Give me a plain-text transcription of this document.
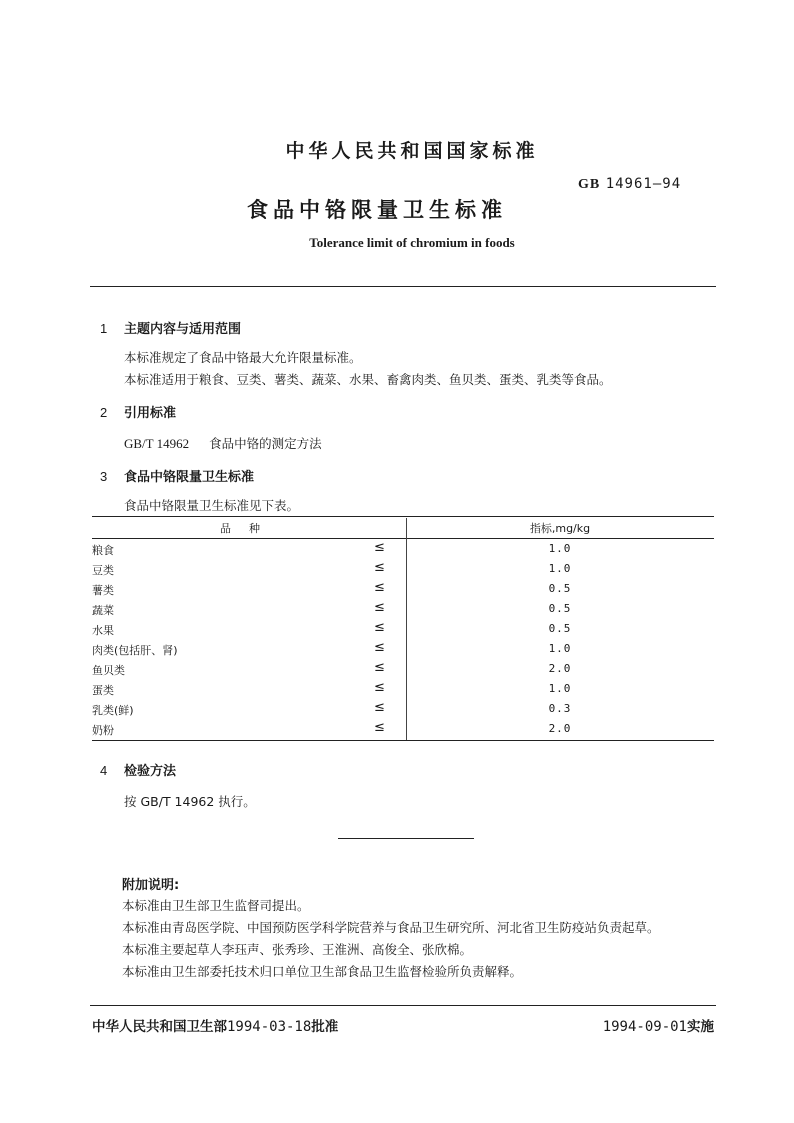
中华人民共和国国家标准
GB 14961—94
食品中铬限量卫生标准
Tolerance limit of chromium in foods
1 主题内容与适用范围
本标准规定了食品中铬最大允许限量标准。
本标准适用于粮食、豆类、薯类、蔬菜、水果、畜禽肉类、鱼贝类、蛋类、乳类等食品。
2 引用标准
GB/T 14962 食品中铬的测定方法
3 食品中铬限量卫生标准
食品中铬限量卫生标准见下表。
品种	指标,mg/kg
粮食	≤	1.0
豆类	≤	1.0
薯类	≤	0.5
蔬菜	≤	0.5
水果	≤	0.5
肉类(包括肝、肾)	≤	1.0
鱼贝类	≤	2.0
蛋类	≤	1.0
乳类(鲜)	≤	0.3
奶粉	≤	2.0
4 检验方法
按 GB/T 14962 执行。
附加说明:
本标准由卫生部卫生监督司提出。
本标准由青岛医学院、中国预防医学科学院营养与食品卫生研究所、河北省卫生防疫站负责起草。
本标准主要起草人李珏声、张秀珍、王淮洲、高俊全、张欣棉。
本标准由卫生部委托技术归口单位卫生部食品卫生监督检验所负责解释。
中华人民共和国卫生部1994-03-18批准	1994-09-01实施
